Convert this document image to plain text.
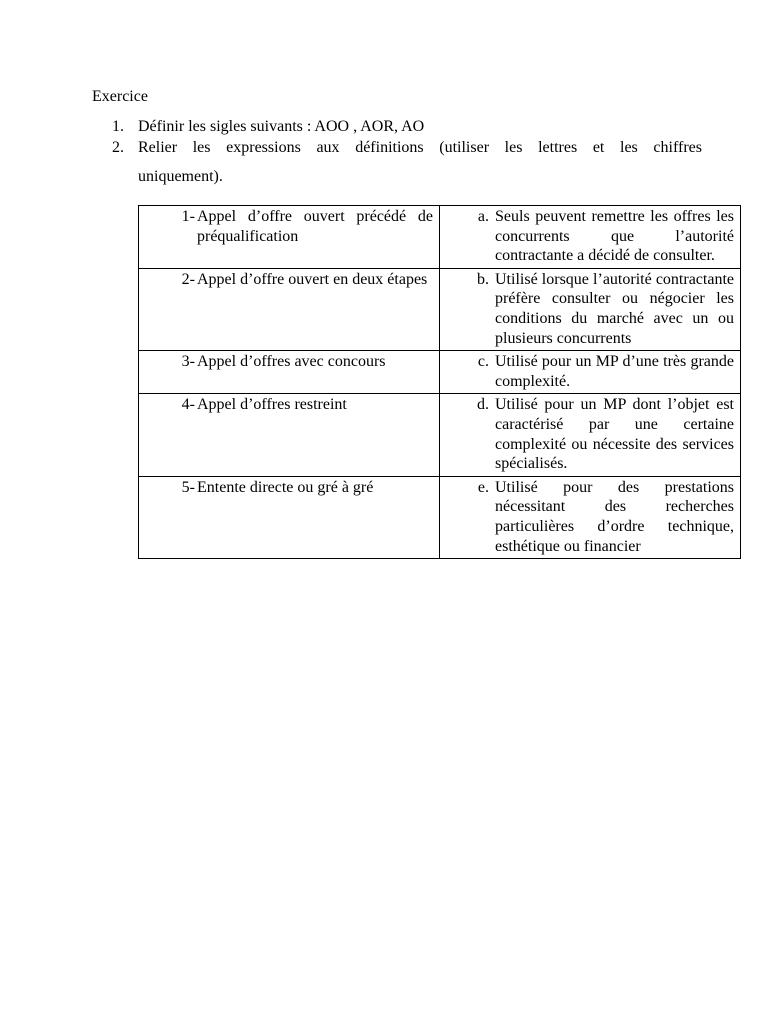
Exercice
1. Définir les sigles suivants : AOO , AOR, AO
2. Relier les expressions aux définitions (utiliser les lettres et les chiffres
uniquement).
1- Appel d’offre ouvert précédé de préqualification	a. Seuls peuvent remettre les offres les concurrents que l’autorité contractante a décidé de consulter.

2- Appel d’offre ouvert en deux étapes	b. Utilisé lorsque l’autorité contractante préfère consulter ou négocier les conditions du marché avec un ou plusieurs concurrents

3- Appel d’offres avec concours	c. Utilisé pour un MP d’une très grande complexité.

4- Appel d’offres restreint	d. Utilisé pour un MP dont l’objet est caractérisé par une certaine complexité ou nécessite des services spécialisés.

5- Entente directe ou gré à gré	e. Utilisé pour des prestations nécessitant des recherches particulières d’ordre technique, esthétique ou financier
